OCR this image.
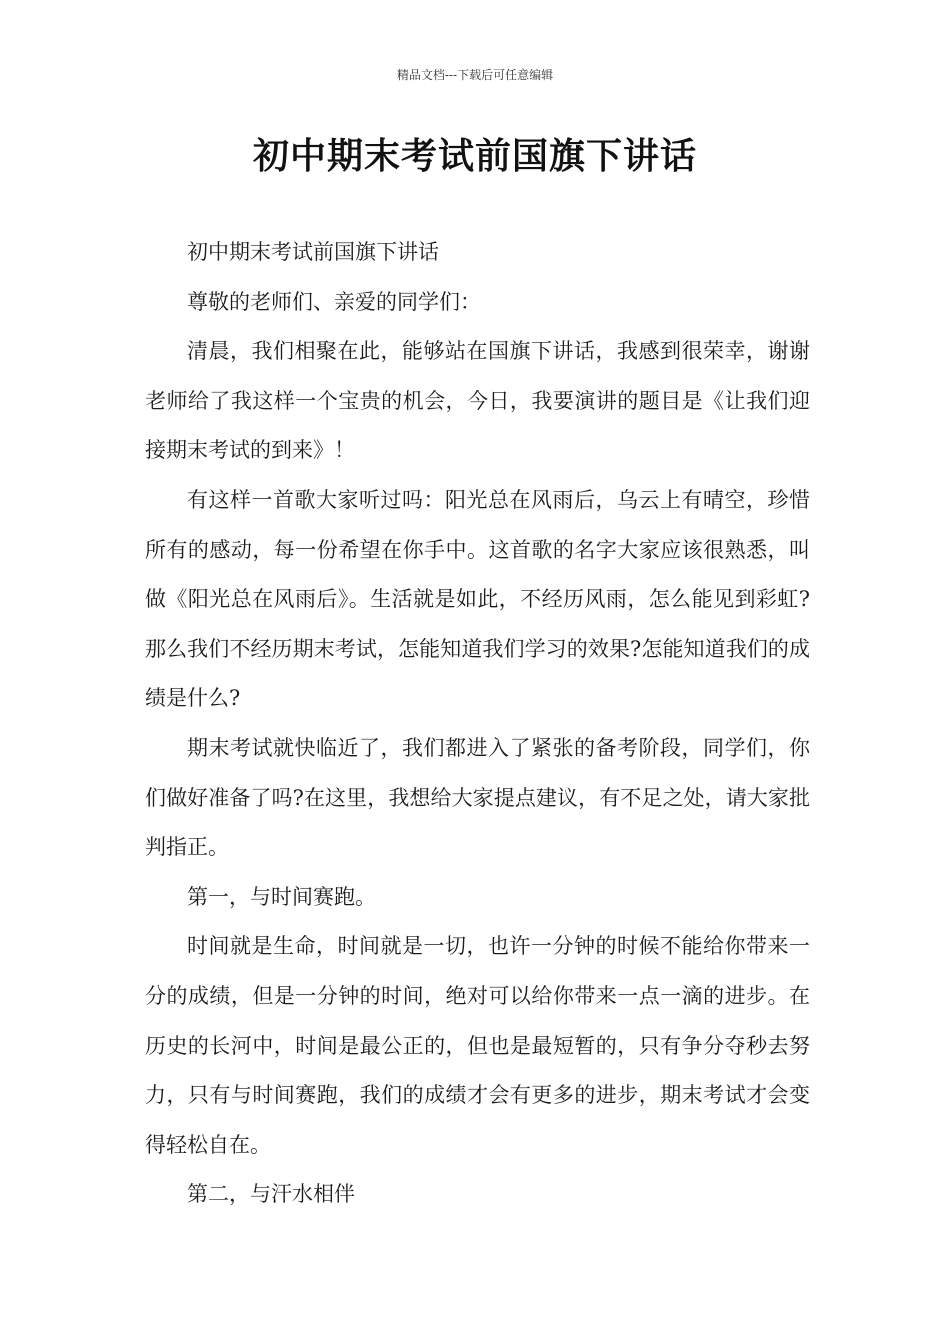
精品文档---下载后可任意编辑
初中期末考试前国旗下讲话

初中期末考试前国旗下讲话

尊敬的老师们、亲爱的同学们：

清晨，我们相聚在此，能够站在国旗下讲话，我感到很荣幸，谢谢老师给了我这样一个宝贵的机会，今日，我要演讲的题目是《让我们迎接期末考试的到来》！

有这样一首歌大家听过吗：阳光总在风雨后，乌云上有晴空，珍惜所有的感动，每一份希望在你手中。这首歌的名字大家应该很熟悉，叫做《阳光总在风雨后》。生活就是如此，不经历风雨，怎么能见到彩虹?那么我们不经历期末考试，怎能知道我们学习的效果?怎能知道我们的成绩是什么?

期末考试就快临近了，我们都进入了紧张的备考阶段，同学们，你们做好准备了吗?在这里，我想给大家提点建议，有不足之处，请大家批判指正。

第一，与时间赛跑。

时间就是生命，时间就是一切，也许一分钟的时候不能给你带来一分的成绩，但是一分钟的时间，绝对可以给你带来一点一滴的进步。在历史的长河中，时间是最公正的，但也是最短暂的，只有争分夺秒去努力，只有与时间赛跑，我们的成绩才会有更多的进步，期末考试才会变得轻松自在。

第二，与汗水相伴
